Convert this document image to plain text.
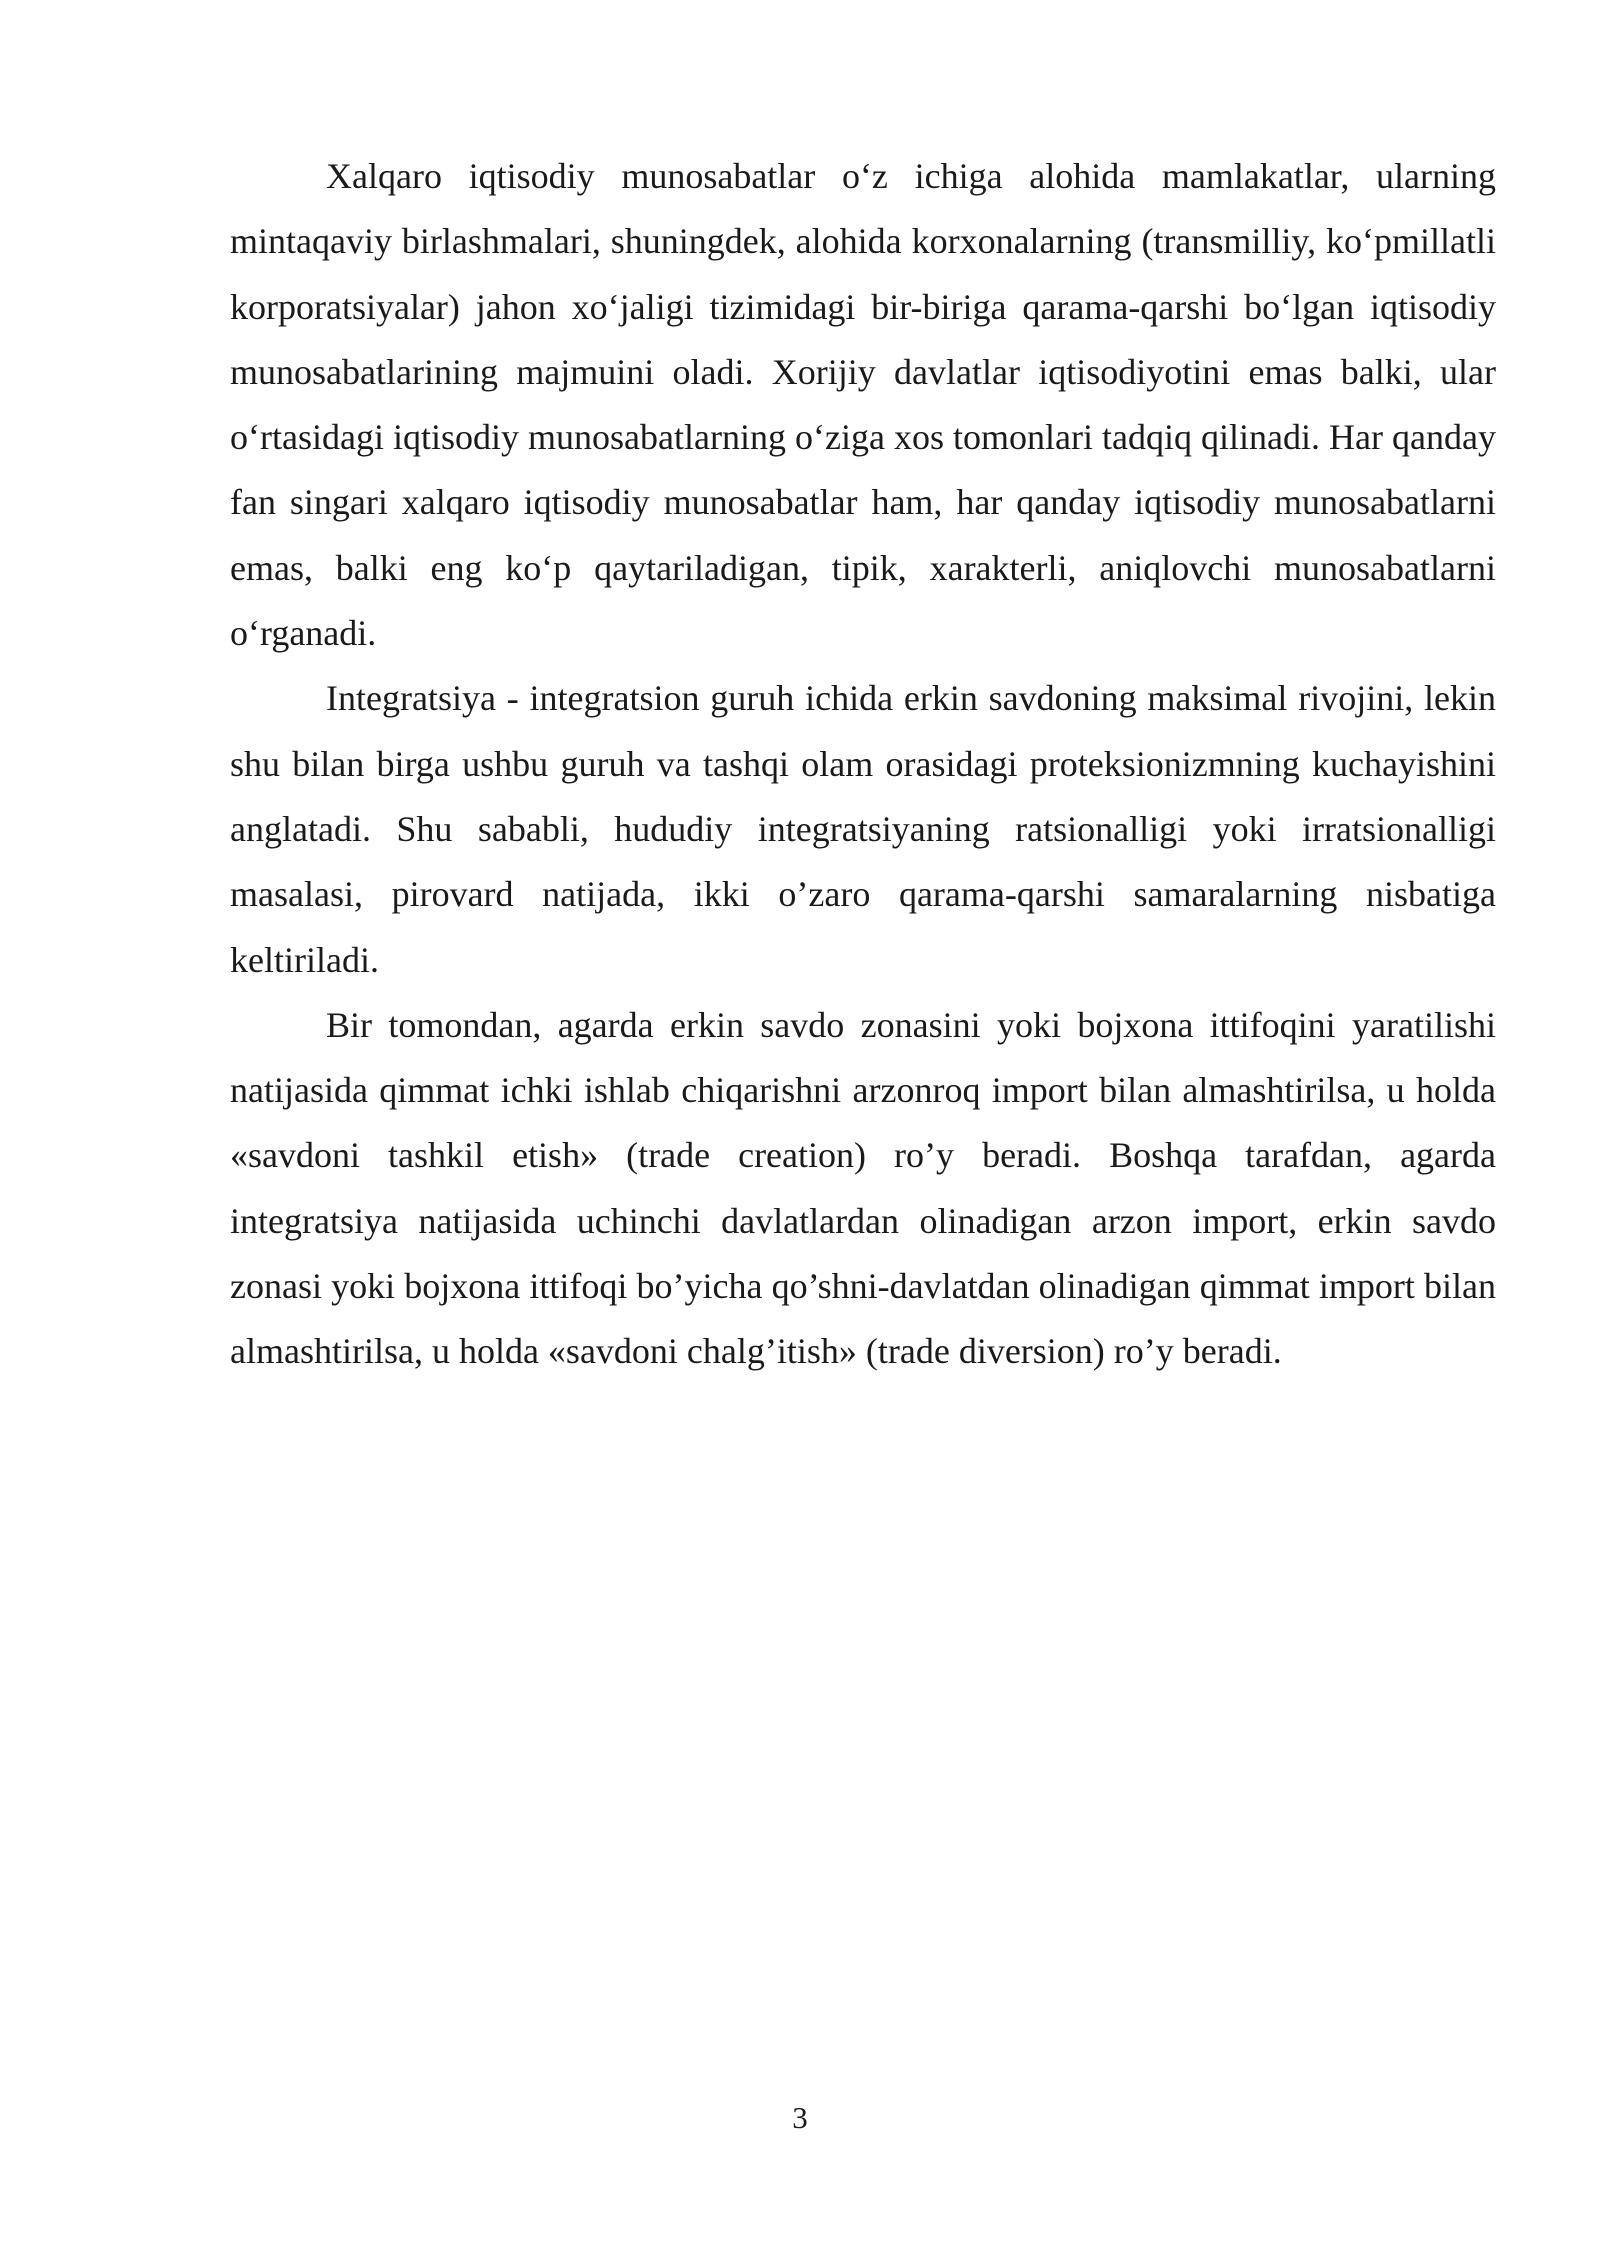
Xalqaro iqtisodiy munosabatlar o‘z ichiga alohida mamlakatlar, ularning mintaqaviy birlashmalari, shuningdek, alohida korxonalarning (transmilliy, ko‘pmillatli korporatsiyalar) jahon xo‘jaligi tizimidagi bir-biriga qarama-qarshi bo‘lgan iqtisodiy munosabatlarining majmuini oladi. Xorijiy davlatlar iqtisodiyotini emas balki, ular o‘rtasidagi iqtisodiy munosabatlarning o‘ziga xos tomonlari tadqiq qilinadi. Har qanday fan singari xalqaro iqtisodiy munosabatlar ham, har qanday iqtisodiy munosabatlarni emas, balki eng ko‘p qaytariladigan, tipik, xarakterli, aniqlovchi munosabatlarni o‘rganadi.

Integratsiya - integratsion guruh ichida erkin savdoning maksimal rivojini, lekin shu bilan birga ushbu guruh va tashqi olam orasidagi proteksionizmning kuchayishini anglatadi. Shu sababli, hududiy integratsiyaning ratsionalligi yoki irratsionalligi masalasi, pirovard natijada, ikki o’zaro qarama-qarshi samaralarning nisbatiga keltiriladi.

Bir tomondan, agarda erkin savdo zonasini yoki bojxona ittifoqini yaratilishi natijasida qimmat ichki ishlab chiqarishni arzonroq import bilan almashtirilsa, u holda «savdoni tashkil etish» (trade creation) ro’y beradi. Boshqa tarafdan, agarda integratsiya natijasida uchinchi davlatlardan olinadigan arzon import, erkin savdo zonasi yoki bojxona ittifoqi bo’yicha qo’shni-davlatdan olinadigan qimmat import bilan almashtirilsa, u holda «savdoni chalg’itish» (trade diversion) ro’y beradi.

3
